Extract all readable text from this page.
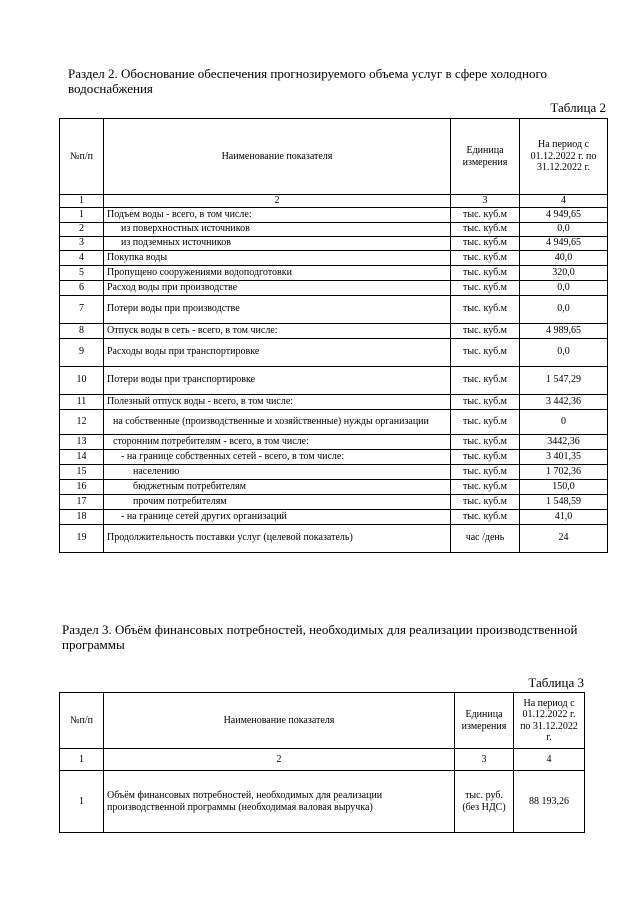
Раздел 2. Обоснование обеспечения прогнозируемого объема услуг в сфере холодного водоснабжения
Таблица 2
№п/п	Наименование показателя	Единица измерения	На период с 01.12.2022 г. по 31.12.2022 г.
1	2	3	4
1	Подъем воды - всего, в том числе:	тыс. куб.м	4 949,65
2	из поверхностных источников	тыс. куб.м	0,0
3	из подземных источников	тыс. куб.м	4 949,65
4	Покупка воды	тыс. куб.м	40,0
5	Пропущено сооружениями водоподготовки	тыс. куб.м	320,0
6	Расход воды при производстве	тыс. куб.м	0,0
7	Потери воды при производстве	тыс. куб.м	0,0
8	Отпуск воды в сеть - всего, в том числе:	тыс. куб.м	4 989,65
9	Расходы воды при транспортировке	тыс. куб.м	0,0
10	Потери воды при транспортировке	тыс. куб.м	1 547,29
11	Полезный отпуск воды - всего, в том числе:	тыс. куб.м	3 442,36
12	на собственные (производственные и хозяйственные) нужды организации	тыс. куб.м	0
13	сторонним потребителям - всего, в том числе:	тыс. куб.м	3442,36
14	- на границе собственных сетей - всего, в том числе:	тыс. куб.м	3 401,35
15	населению	тыс. куб.м	1 702,36
16	бюджетным потребителям	тыс. куб.м	150,0
17	прочим потребителям	тыс. куб.м	1 548,59
18	- на границе сетей других организаций	тыс. куб.м	41,0
19	Продолжительность поставки услуг (целевой показатель)	час /день	24
Раздел 3. Объём финансовых потребностей, необходимых для реализации производственной программы
Таблица 3
№п/п	Наименование показателя	Единица измерения	На период с 01.12.2022 г. по 31.12.2022 г.
1	2	3	4
1	Объём финансовых потребностей, необходимых для реализации производственной программы (необходимая валовая выручка)	тыс. руб. (без НДС)	88 193,26
